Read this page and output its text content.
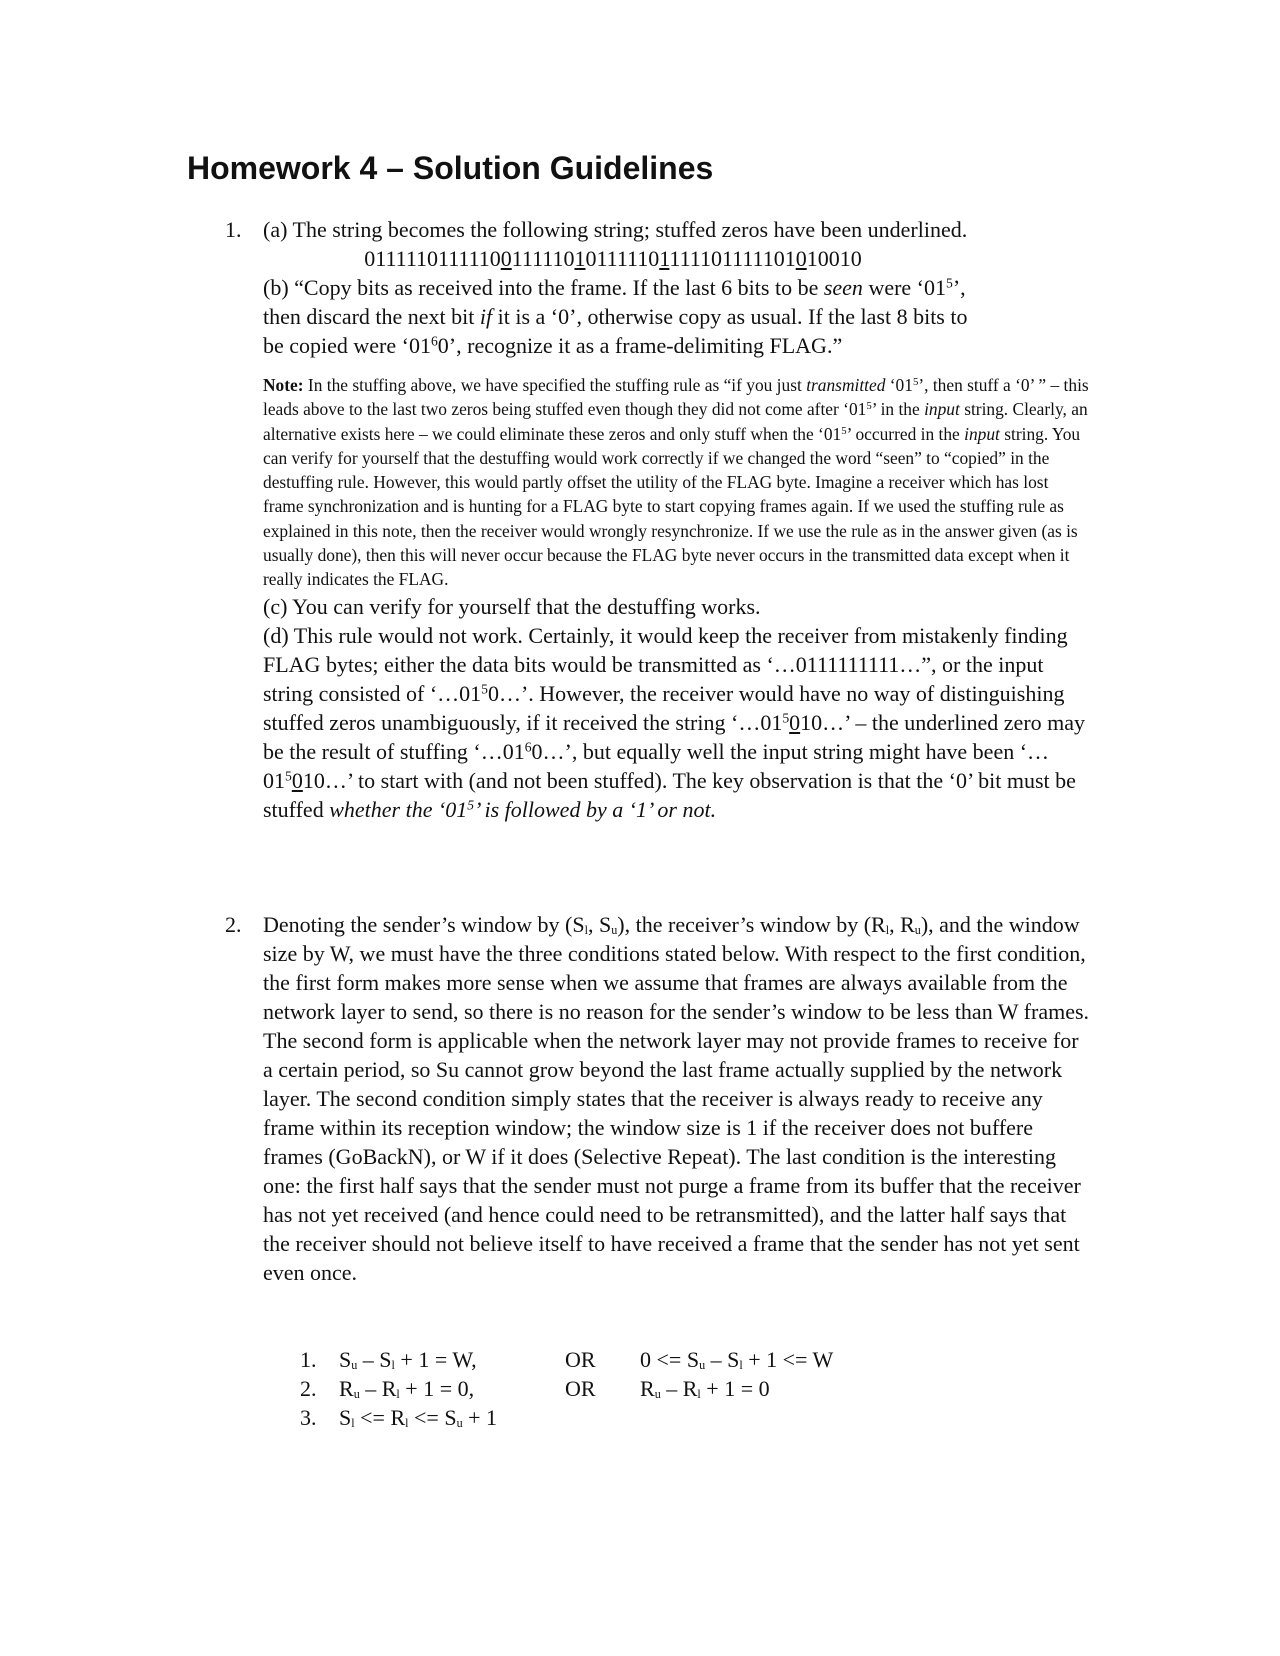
Homework 4 – Solution Guidelines
1. (a) The string becomes the following string; stuffed zeros have been underlined.

01111101111100111110101111101111101111101010010

(b) “Copy bits as received into the frame. If the last 6 bits to be seen were ‘$01^5$’,
then discard the next bit if it is a ‘0’, otherwise copy as usual. If the last 8 bits to
be copied were ‘$01^60$’, recognize it as a frame-delimiting FLAG.”

Note: In the stuffing above, we have specified the stuffing rule as “if you just transmitted ‘$01^5$’, then stuff a ‘0’ ” – this leads above to the last two zeros being stuffed even though they did not come after ‘$01^5$’ in the input string. Clearly, an alternative exists here – we could eliminate these zeros and only stuff when the ‘$01^5$’ occurred in the input string. You can verify for yourself that the destuffing would work correctly if we changed the word “seen” to “copied” in the destuffing rule. However, this would partly offset the utility of the FLAG byte. Imagine a receiver which has lost frame synchronization and is hunting for a FLAG byte to start copying frames again. If we used the stuffing rule as explained in this note, then the receiver would wrongly resynchronize. If we use the rule as in the answer given (as is usually done), then this will never occur because the FLAG byte never occurs in the transmitted data except when it really indicates the FLAG.

(c) You can verify for yourself that the destuffing works.

(d) This rule would not work. Certainly, it would keep the receiver from mistakenly finding FLAG bytes; either the data bits would be transmitted as ‘…0111111111…”, or the input string consisted of ‘$\dots 01^50\dots$’. However, the receiver would have no way of distinguishing stuffed zeros unambiguously, if it received the string ‘$\dots 01^5010\dots$’ – the underlined zero may be the result of stuffing ‘$\dots 01^60\dots$’, but equally well the input string might have been ‘$\dots 01^5010\dots$’ to start with (and not been stuffed). The key observation is that the ‘0’ bit must be stuffed whether the ‘$01^5$’ is followed by a ‘1’ or not.

2. Denoting the sender’s window by ($S_l$, $S_u$), the receiver’s window by ($R_l$, $R_u$), and the window size by W, we must have the three conditions stated below. With respect to the first condition, the first form makes more sense when we assume that frames are always available from the network layer to send, so there is no reason for the sender’s window to be less than W frames. The second form is applicable when the network layer may not provide frames to receive for a certain period, so Su cannot grow beyond the last frame actually supplied by the network layer. The second condition simply states that the receiver is always ready to receive any frame within its reception window; the window size is 1 if the receiver does not buffere frames (GoBackN), or W if it does (Selective Repeat). The last condition is the interesting one: the first half says that the sender must not purge a frame from its buffer that the receiver has not yet received (and hence could need to be retransmitted), and the latter half says that the receiver should not believe itself to have received a frame that the sender has not yet sent even once.

1. $S_u - S_l + 1 = W$,	OR $0 <= S_u - S_l + 1 <= W$
2. $R_u - R_l + 1 = 0$,	OR $R_u - R_l + 1 = 0$
3. $S_l <= R_l <= S_u + 1$
